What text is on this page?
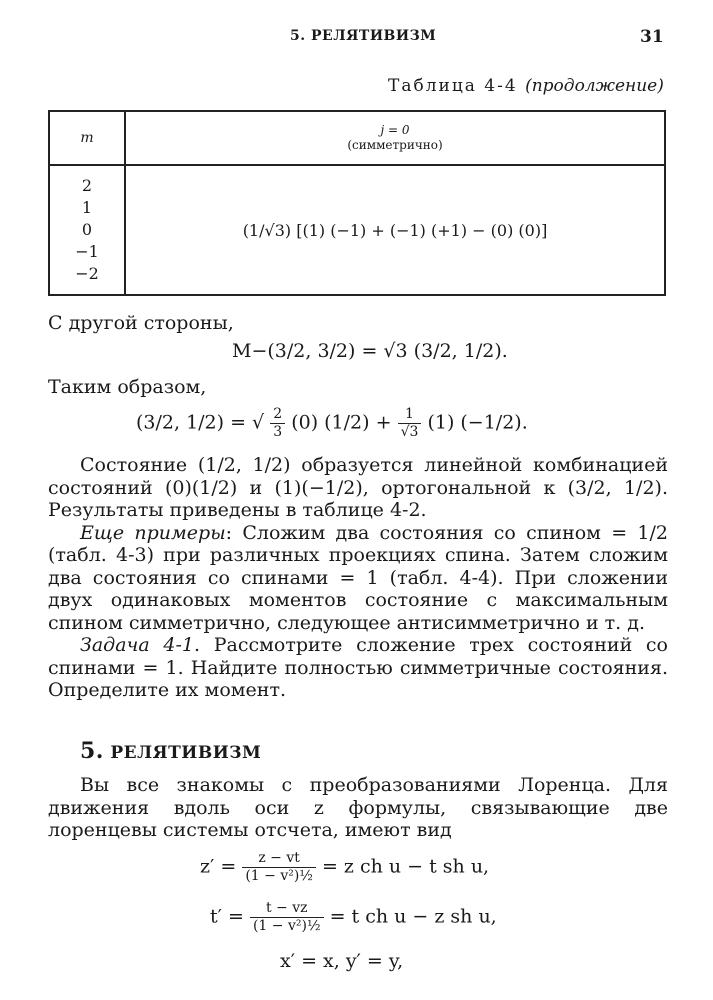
5. РЕЛЯТИВИЗМ	31
Таблица 4-4 (продолжение)
m	j = 0
(симметрично)

2
1
0
−1
−2	(1/√3) [(1) (−1) + (−1) (+1) − (0) (0)]
С другой стороны,
M−(3/2, 3/2) = √3 (3/2, 1/2).
Таким образом,
(3/2, 1/2) = √ $\frac{2}{3} (0) (1/2) + \frac{1}{√3} (1)$ (−1/2).

Состояние (1/2, 1/2) образуется линейной комбинацией состояний (0)(1/2) и (1)(−1/2), ортогональной к (3/2, 1/2). Результаты приведены в таблице 4-2.

Еще примеры: Сложим два состояния со спином = 1/2 (табл. 4-3) при различных проекциях спина. Затем сложим два состояния со спинами = 1 (табл. 4-4). При сложении двух одинаковых моментов состояние с максимальным спином симметрично, следующее антисимметрично и т. д.

Задача 4-1. Рассмотрите сложение трех состояний со спинами = 1. Найдите полностью симметричные состояния. Определите их момент.

5. РЕЛЯТИВИЗМ

Вы все знакомы с преобразованиями Лоренца. Для движения вдоль оси z формулы, связывающие две лоренцевы системы отсчета, имеют вид

$z' = \frac{z - vt}{\text{(1 − v²)½}} = z$ ch u − t sh u,
$t' = \frac{t - vz}{\text{(1 − v²)½}} = t$ ch u − z sh u,
x′ = x, y′ = y,
